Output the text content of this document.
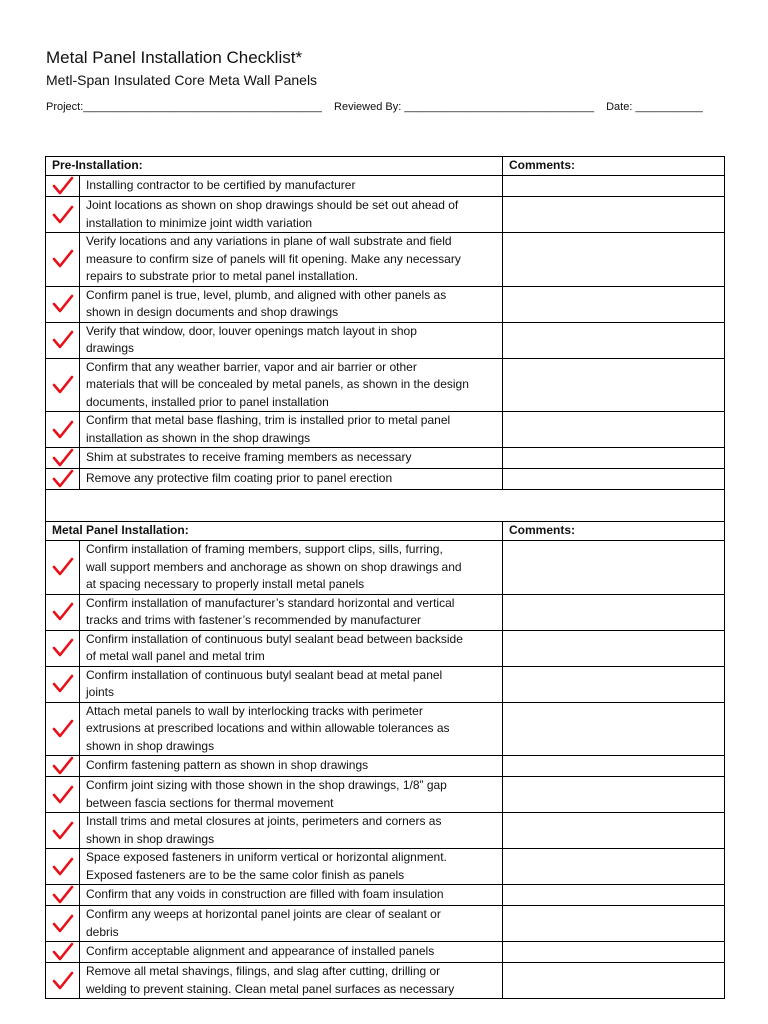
Metal Panel Installation Checklist*
Metl-Span Insulated Core Meta Wall Panels
Project:_______________________________________ Reviewed By: _______________________________ Date: ___________
Pre-Installation:		Comments:

Installing contractor to be certified by manufacturer	

Joint locations as shown on shop drawings should be set out ahead of
installation to minimize joint width variation	

Verify locations and any variations in plane of wall substrate and field
measure to confirm size of panels will fit opening. Make any necessary
repairs to substrate prior to metal panel installation.	

Confirm panel is true, level, plumb, and aligned with other panels as
shown in design documents and shop drawings	

Verify that window, door, louver openings match layout in shop
drawings	

Confirm that any weather barrier, vapor and air barrier or other
materials that will be concealed by metal panels, as shown in the design
documents, installed prior to panel installation	

Confirm that metal base flashing, trim is installed prior to metal panel
installation as shown in the shop drawings	

Shim at substrates to receive framing members as necessary	

Remove any protective film coating prior to panel erection	

Metal Panel Installation:		Comments:

Confirm installation of framing members, support clips, sills, furring,
wall support members and anchorage as shown on shop drawings and
at spacing necessary to properly install metal panels	

Confirm installation of manufacturer’s standard horizontal and vertical
tracks and trims with fastener’s recommended by manufacturer	

Confirm installation of continuous butyl sealant bead between backside
of metal wall panel and metal trim	

Confirm installation of continuous butyl sealant bead at metal panel
joints	

Attach metal panels to wall by interlocking tracks with perimeter
extrusions at prescribed locations and within allowable tolerances as
shown in shop drawings	

Confirm fastening pattern as shown in shop drawings	

Confirm joint sizing with those shown in the shop drawings, 1/8” gap
between fascia sections for thermal movement	

Install trims and metal closures at joints, perimeters and corners as
shown in shop drawings	

Space exposed fasteners in uniform vertical or horizontal alignment.
Exposed fasteners are to be the same color finish as panels	

Confirm that any voids in construction are filled with foam insulation	

Confirm any weeps at horizontal panel joints are clear of sealant or
debris	

Confirm acceptable alignment and appearance of installed panels	

Remove all metal shavings, filings, and slag after cutting, drilling or
welding to prevent staining. Clean metal panel surfaces as necessary	
